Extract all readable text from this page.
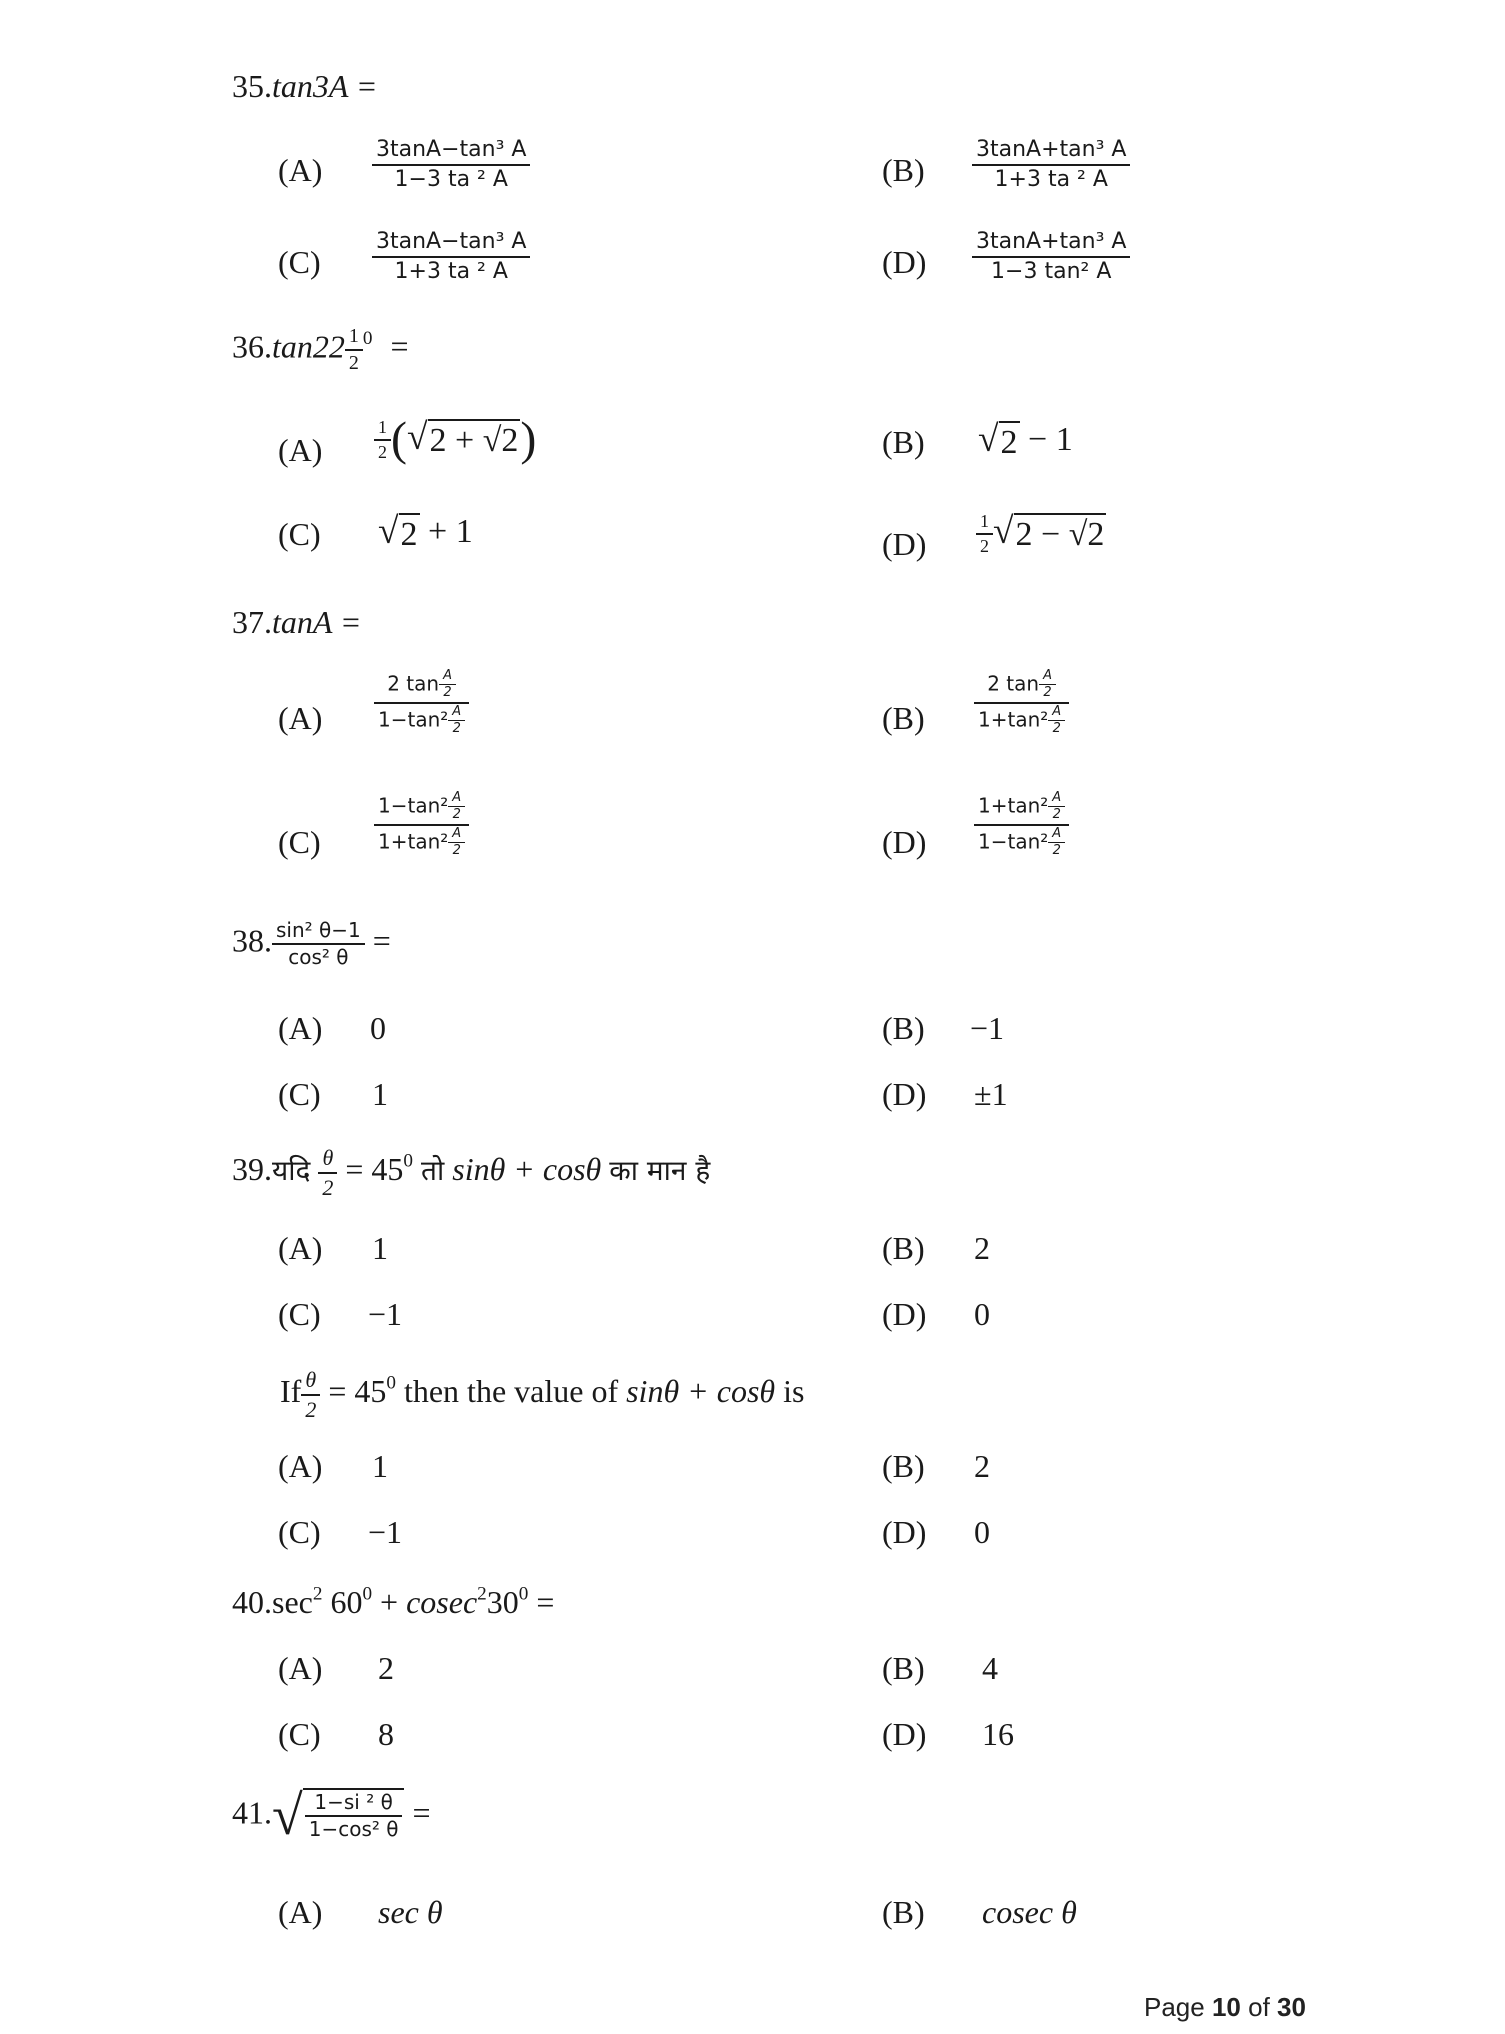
35.tan3A =
$(A) \frac{\text{3tanA−tan³ A}}{\text{1−3 ta ² A}}$	$(B) \frac{\text{3tanA+tan³ A}}{\text{1+3 ta ² A}}$
$(C) \frac{\text{3tanA−tan³ A}}{\text{1+3 ta ² A}}$	$(D) \frac{\text{3tanA+tan³ A}}{\text{1−3 tan² A}}$
$36.\tan 22 \frac{1}{2} ^0$ =
(A)	$\frac{1}{2}$ ( √ 2 + √2 )	(B) √ 2 − 1
(C) √ 2 + 1	(D)	$\frac{1}{2}$ √ 2 − √2
37.tanA =
(A)	$\frac{2 \tan \frac{A}{2}}{1-\tan^2 \frac{A}{2}}$	$(B) \frac{2 \tan \frac{A}{2}}{1+\tan^2 \frac{A}{2}}$
(C)	$\frac{1-\tan^2 \frac{A}{2}}{1+\tan^2 \frac{A}{2}}$	$(D) \frac{1+\tan^2 \frac{A}{2}}{1-\tan^2 \frac{A}{2}}$
38. $\frac{\text{sin² θ−1}}{\text{cos² θ}}$ =
(A) 0	(B) −1
(C) 1	(D) ±1
39.यदि $\frac{\theta}{2} = 45^0$ तो sinθ + cosθ का मान है
(A) 1	(B) 2
(C) −1	(D) 0
If $\frac{\theta}{2} = 45^0$ then the value of sinθ + cosθ is
(A) 1	(B) 2
(C) −1	(D) 0
$40.\sec^2$ $60^0 + cosec^230^0$ =
(A) 2	(B) 4
(C) 8	(D) 16
41. √ $\frac{\text{1−si ² θ}}{\text{1−cos² θ}}$ =
(A) sec θ	(B) cosec θ
Page 10 of 30
